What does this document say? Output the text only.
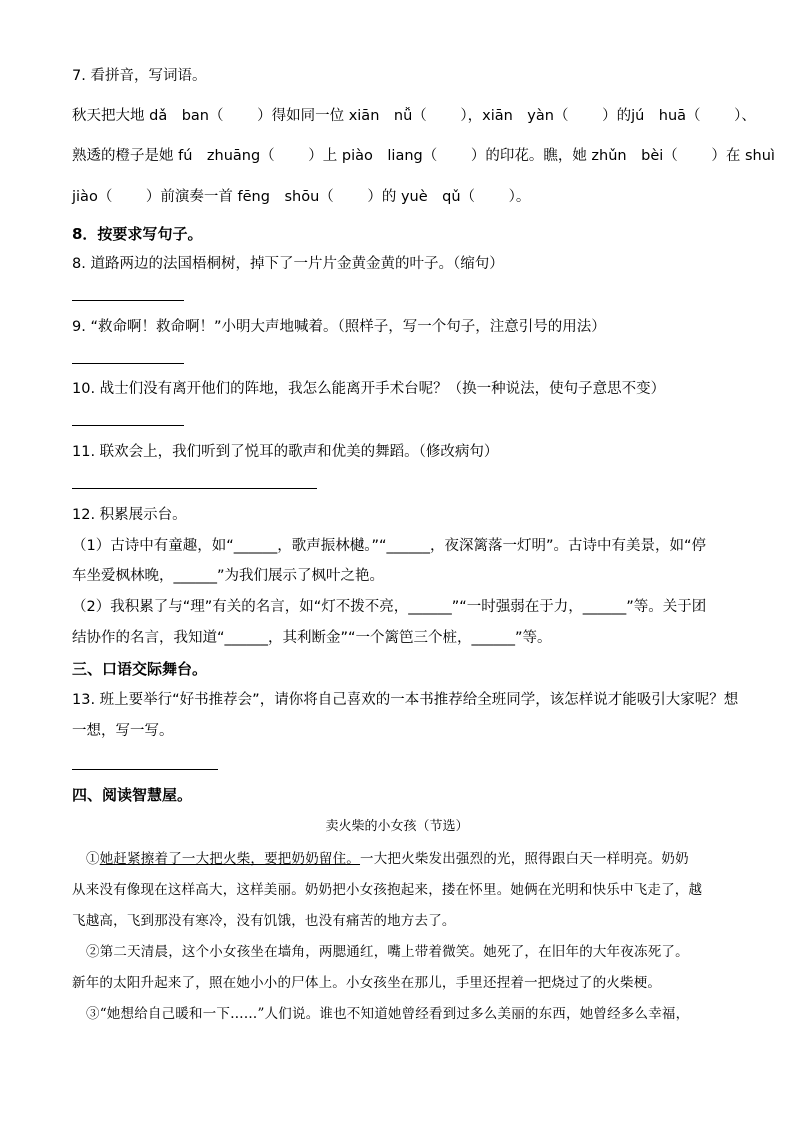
7. 看拼音，写词语。
秋天把大地 dǎ　ban（　　 ）得如同一位 xiān　nǚ（　　 ），xiān　yàn（　　 ）的jú　huā（　　 ）、
熟透的橙子是她 fú　zhuāng（　　 ）上 piào　liang（　　 ）的印花。瞧，她 zhǔn　bèi（　　 ）在 shuì
jiào（　　 ）前演奏一首 fēng　shōu（　　 ）的 yuè　qǔ（　　 ）。
8．按要求写句子。
8. 道路两边的法国梧桐树，掉下了一片片金黄金黄的叶子。（缩句）
9. “救命啊！救命啊！”小明大声地喊着。（照样子，写一个句子，注意引号的用法）
10. 战士们没有离开他们的阵地，我怎么能离开手术台呢？（换一种说法，使句子意思不变）
11. 联欢会上，我们听到了悦耳的歌声和优美的舞蹈。（修改病句）
12. 积累展示台。
（1）古诗中有童趣，如“______，歌声振林樾。”“______，夜深篱落一灯明”。古诗中有美景，如“停
车坐爱枫林晚，______”为我们展示了枫叶之艳。
（2）我积累了与“理”有关的名言，如“灯不拨不亮，______”“一时强弱在于力，______”等。关于团
结协作的名言，我知道“______，其利断金”“一个篱笆三个桩，______”等。
三、口语交际舞台。
13. 班上要举行“好书推荐会”，请你将自己喜欢的一本书推荐给全班同学，该怎样说才能吸引大家呢？想
一想，写一写。
四、阅读智慧屋。
卖火柴的小女孩（节选）
①她赶紧擦着了一大把火柴，要把奶奶留住。一大把火柴发出强烈的光，照得跟白天一样明亮。奶奶
从来没有像现在这样高大，这样美丽。奶奶把小女孩抱起来，搂在怀里。她俩在光明和快乐中飞走了，越
飞越高，飞到那没有寒冷，没有饥饿，也没有痛苦的地方去了。
②第二天清晨，这个小女孩坐在墙角，两腮通红，嘴上带着微笑。她死了，在旧年的大年夜冻死了。
新年的太阳升起来了，照在她小小的尸体上。小女孩坐在那儿，手里还捏着一把烧过了的火柴梗。
③“她想给自己暖和一下……”人们说。谁也不知道她曾经看到过多么美丽的东西，她曾经多么幸福，
